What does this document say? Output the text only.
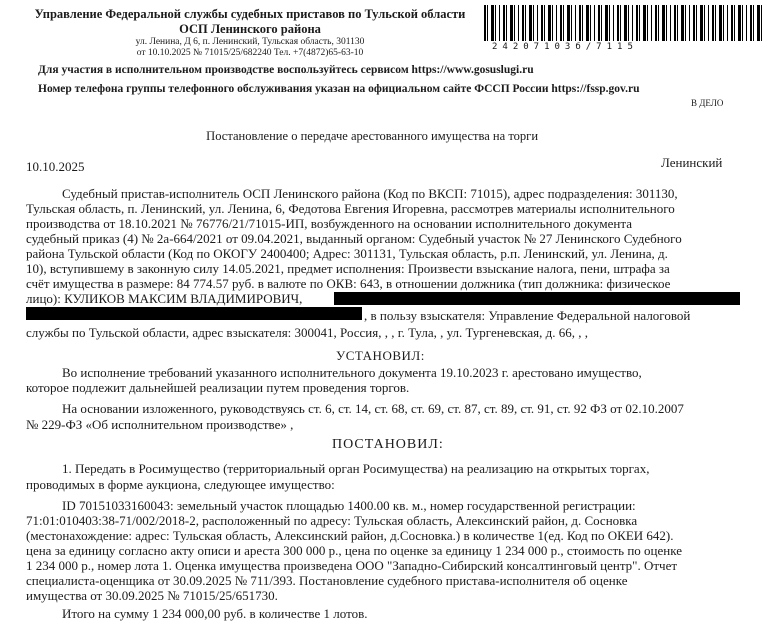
Управление Федеральной службы судебных приставов по Тульской области
ОСП Ленинского района
ул. Ленина, Д 6, п. Ленинский, Тульская область, 301130
от 10.10.2025 № 71015/25/682240 Тел. +7(4872)65-63-10
24207103б/7115
Для участия в исполнительном производстве воспользуйтесь сервисом https://www.gosuslugi.ru
Номер телефона группы телефонного обслуживания указан на официальном сайте ФССП России https://fssp.gov.ru
В ДЕЛО
Постановление о передаче арестованного имущества на торги
10.10.2025	Ленинский
Судебный пристав-исполнитель ОСП Ленинского района (Код по ВКСП: 71015), адрес подразделения: 301130,
Тульская область, п. Ленинский, ул. Ленина, 6, Федотова Евгения Игоревна, рассмотрев материалы исполнительного
производства от 18.10.2021 № 76776/21/71015-ИП, возбужденного на основании исполнительного документа
судебный приказ (4) № 2а-664/2021 от 09.04.2021, выданный органом: Судебный участок № 27 Ленинского Судебного
района Тульской области (Код по ОКОГУ 2400400; Адрес: 301131, Тульская область, р.п. Ленинский, ул. Ленина, д.
10), вступившему в законную силу 14.05.2021, предмет исполнения: Произвести взыскание налога, пени, штрафа за
счёт имущества в размере: 84 774.57 руб. в валюте по ОКВ: 643, в отношении должника (тип должника: физическое
лицо): КУЛИКОВ МАКСИМ ВЛАДИМИРОВИЧ,
, в пользу взыскателя: Управление Федеральной налоговой
службы по Тульской области, адрес взыскателя: 300041, Россия, , , г. Тула, , ул. Тургеневская, д. 66, , ,
УСТАНОВИЛ:
Во исполнение требований указанного исполнительного документа 19.10.2023 г. арестовано имущество,
которое подлежит дальнейшей реализации путем проведения торгов.
На основании изложенного, руководствуясь ст. 6, ст. 14, ст. 68, ст. 69, ст. 87, ст. 89, ст. 91, ст. 92 ФЗ от 02.10.2007
№ 229-ФЗ «Об исполнительном производстве» ,
ПОСТАНОВИЛ:
1. Передать в Росимущество (территориальный орган Росимущества) на реализацию на открытых торгах,
проводимых в форме аукциона, следующее имущество:
ID 70151033160043: земельный участок площадью 1400.00 кв. м., номер государственной регистрации:
71:01:010403:38-71/002/2018-2, расположенный по адресу: Тульская область, Алексинский район, д. Сосновка
(местонахождение: адрес: Тульская область, Алексинский район, д.Сосновка.) в количестве 1(ед. Код по ОКЕИ 642).
цена за единицу согласно акту описи и ареста 300 000 р., цена по оценке за единицу 1 234 000 р., стоимость по оценке
1 234 000 р., номер лота 1. Оценка имущества произведена ООО "Западно-Сибирский консалтинговый центр". Отчет
специалиста-оценщика от 30.09.2025 № 711/393. Постановление судебного пристава-исполнителя об оценке
имущества от 30.09.2025 № 71015/25/651730.
Итого на сумму 1 234 000,00 руб. в количестве 1 лотов.
